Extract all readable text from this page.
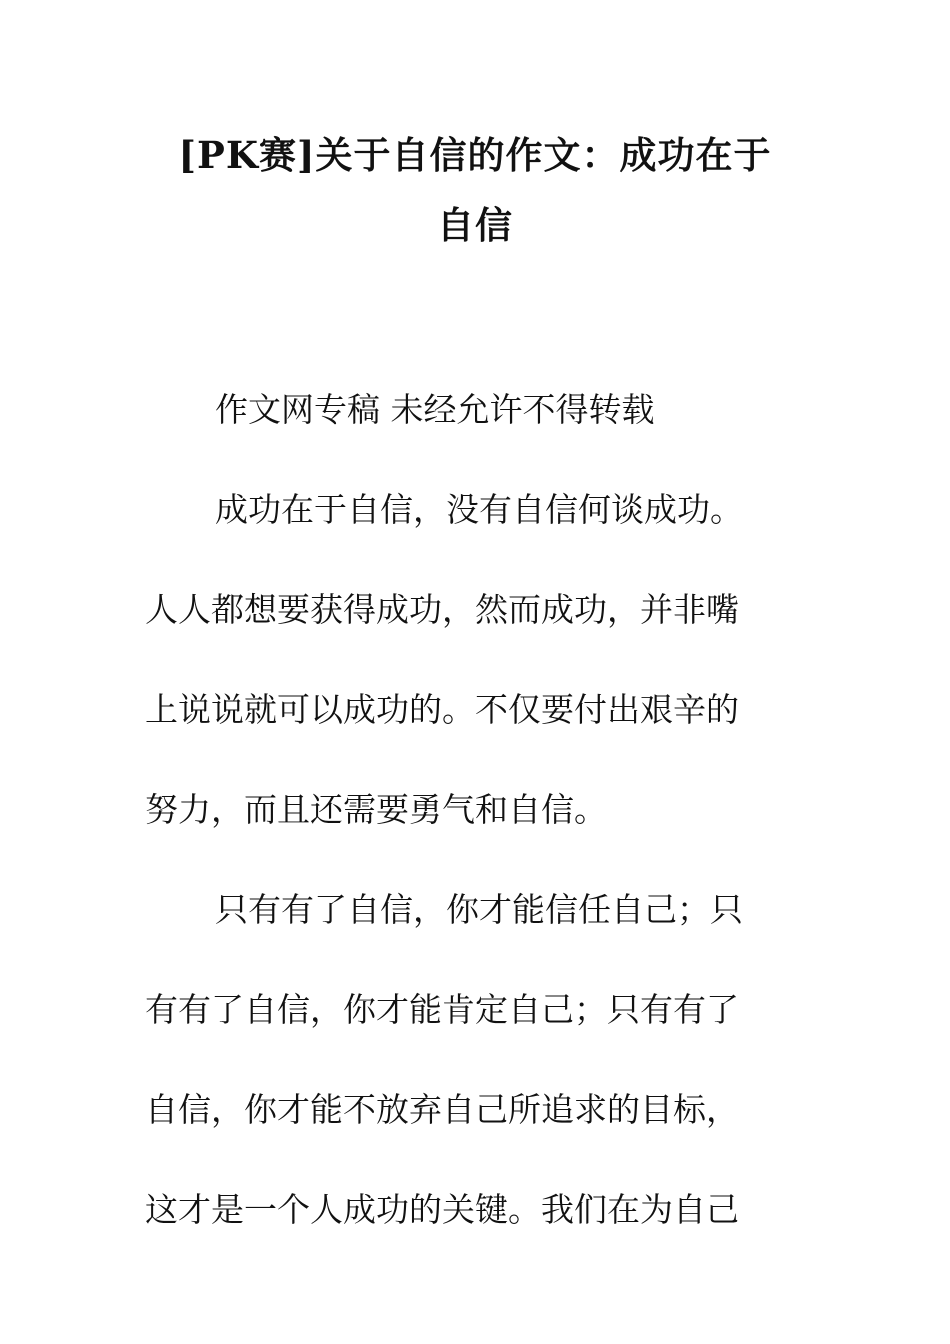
[PK赛]关于自信的作文：成功在于
自信
作文网专稿 未经允许不得转载
成功在于自信，没有自信何谈成功。
人人都想要获得成功，然而成功，并非嘴
上说说就可以成功的。不仅要付出艰辛的
努力，而且还需要勇气和自信。
只有有了自信，你才能信任自己；只
有有了自信，你才能肯定自己；只有有了
自信，你才能不放弃自己所追求的目标，
这才是一个人成功的关键。我们在为自己
